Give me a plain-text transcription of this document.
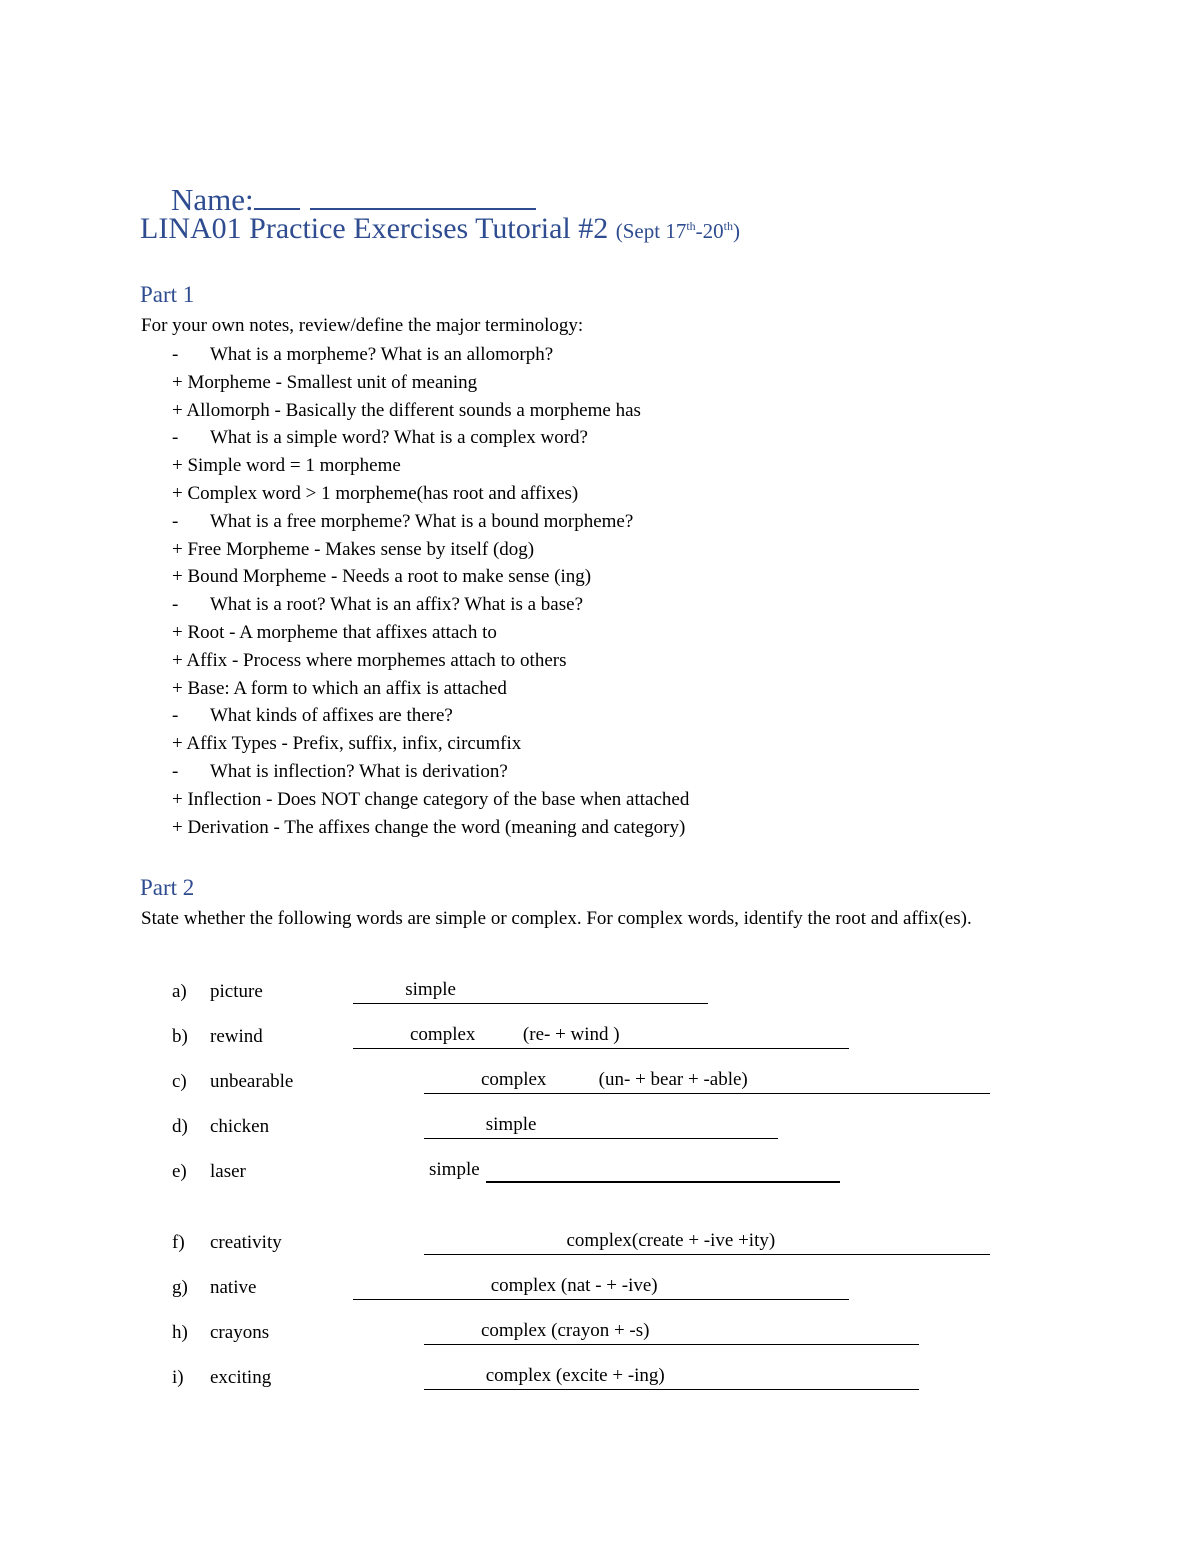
Name:

LINA01 Practice Exercises Tutorial #2 (Sept 17th-20th)
Part 1
For your own notes, review/define the major terminology:
- What is a morpheme? What is an allomorph?
+ Morpheme - Smallest unit of meaning
+ Allomorph - Basically the different sounds a morpheme has
- What is a simple word? What is a complex word?
+ Simple word = 1 morpheme
+ Complex word > 1 morpheme(has root and affixes)
- What is a free morpheme? What is a bound morpheme?
+ Free Morpheme - Makes sense by itself (dog)
+ Bound Morpheme - Needs a root to make sense (ing)
- What is a root? What is an affix? What is a base?
+ Root - A morpheme that affixes attach to
+ Affix - Process where morphemes attach to others
+ Base: A form to which an affix is attached
- What kinds of affixes are there?
+ Affix Types - Prefix, suffix, infix, circumfix
- What is inflection? What is derivation?
+ Inflection - Does NOT change category of the base when attached
+ Derivation - The affixes change the word (meaning and category)
Part 2
State whether the following words are simple or complex. For complex words, identify the root and affix(es).
a) picture	simple
b) rewind	complex          (re- + wind )
c) unbearable	complex           (un- + bear + -able)
d) chicken	simple
e) laser	simple
f) creativity	complex(create + -ive +ity)
g) native	complex (nat - + -ive)
h) crayons	complex (crayon + -s)
i) exciting	complex (excite + -ing)
